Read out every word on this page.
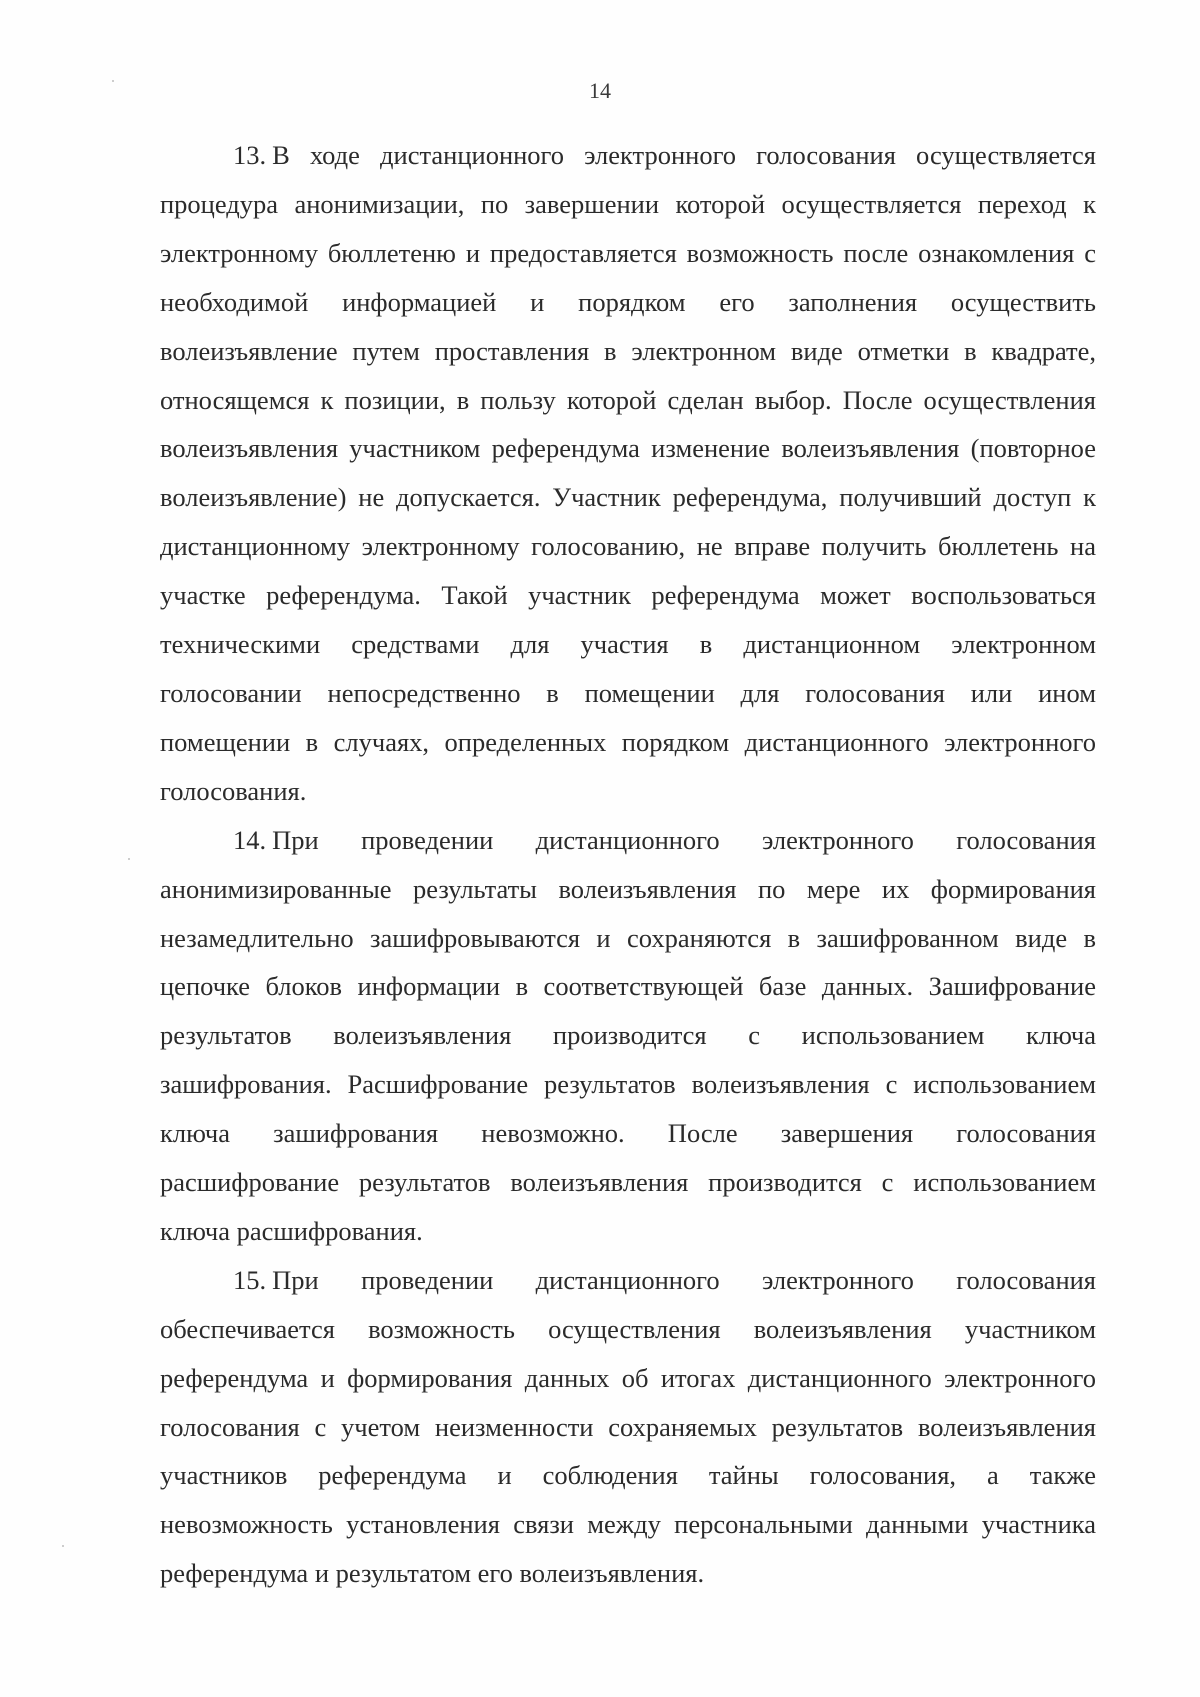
14

13. В ходе дистанционного электронного голосования осуществляется процедура анонимизации, по завершении которой осуществляется переход к электронному бюллетеню и предоставляется возможность после ознакомления с необходимой информацией и порядком его заполнения осуществить волеизъявление путем проставления в электронном виде отметки в квадрате, относящемся к позиции, в пользу которой сделан выбор. После осуществления волеизъявления участником референдума изменение волеизъявления (повторное волеизъявление) не допускается. Участник референдума, получивший доступ к дистанционному электронному голосованию, не вправе получить бюллетень на участке референдума. Такой участник референдума может воспользоваться техническими средствами для участия в дистанционном электронном голосовании непосредственно в помещении для голосования или ином помещении в случаях, определенных порядком дистанционного электронного голосования.

14. При проведении дистанционного электронного голосования анонимизированные результаты волеизъявления по мере их формирования незамедлительно зашифровываются и сохраняются в зашифрованном виде в цепочке блоков информации в соответствующей базе данных. Зашифрование результатов волеизъявления производится с использованием ключа зашифрования. Расшифрование результатов волеизъявления с использованием ключа зашифрования невозможно. После завершения голосования расшифрование результатов волеизъявления производится с использованием ключа расшифрования.

15. При проведении дистанционного электронного голосования обеспечивается возможность осуществления волеизъявления участником референдума и формирования данных об итогах дистанционного электронного голосования с учетом неизменности сохраняемых результатов волеизъявления участников референдума и соблюдения тайны голосования, а также невозможность установления связи между персональными данными участника референдума и результатом его волеизъявления.
